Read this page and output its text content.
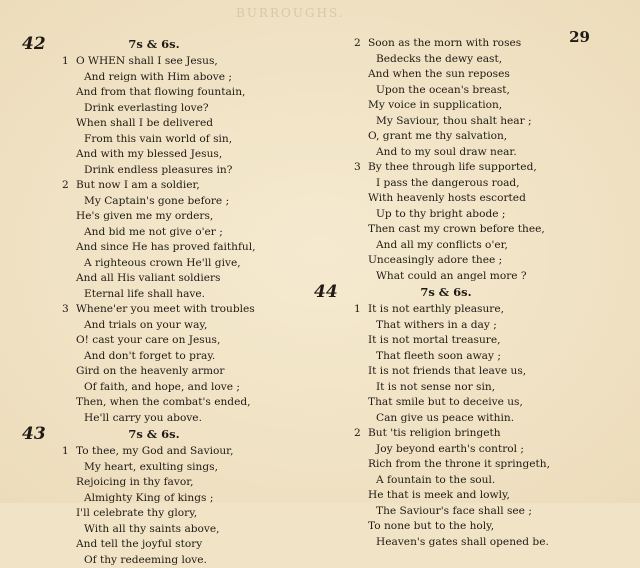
BURROUGHS.
29
42	7s & 6s.
1 O WHEN shall I see Jesus,
And reign with Him above ;
And from that flowing fountain,
Drink everlasting love?
When shall I be delivered
From this vain world of sin,
And with my blessed Jesus,
Drink endless pleasures in?
2 But now I am a soldier,
My Captain's gone before ;
He's given me my orders,
And bid me not give o'er ;
And since He has proved faithful,
A righteous crown He'll give,
And all His valiant soldiers
Eternal life shall have.
3 Whene'er you meet with troubles
And trials on your way,
O! cast your care on Jesus,
And don't forget to pray.
Gird on the heavenly armor
Of faith, and hope, and love ;
Then, when the combat's ended,
He'll carry you above.
43	7s & 6s.
1 To thee, my God and Saviour,
My heart, exulting sings,
Rejoicing in thy favor,
Almighty King of kings ;
I'll celebrate thy glory,
With all thy saints above,
And tell the joyful story
Of thy redeeming love.
2 Soon as the morn with roses
Bedecks the dewy east,
And when the sun reposes
Upon the ocean's breast,
My voice in supplication,
My Saviour, thou shalt hear ;
O, grant me thy salvation,
And to my soul draw near.
3 By thee through life supported,
I pass the dangerous road,
With heavenly hosts escorted
Up to thy bright abode ;
Then cast my crown before thee,
And all my conflicts o'er,
Unceasingly adore thee ;
What could an angel more ?
44	7s & 6s.
1 It is not earthly pleasure,
That withers in a day ;
It is not mortal treasure,
That fleeth soon away ;
It is not friends that leave us,
It is not sense nor sin,
That smile but to deceive us,
Can give us peace within.
2 But 'tis religion bringeth
Joy beyond earth's control ;
Rich from the throne it springeth,
A fountain to the soul.
He that is meek and lowly,
The Saviour's face shall see ;
To none but to the holy,
Heaven's gates shall opened be.
